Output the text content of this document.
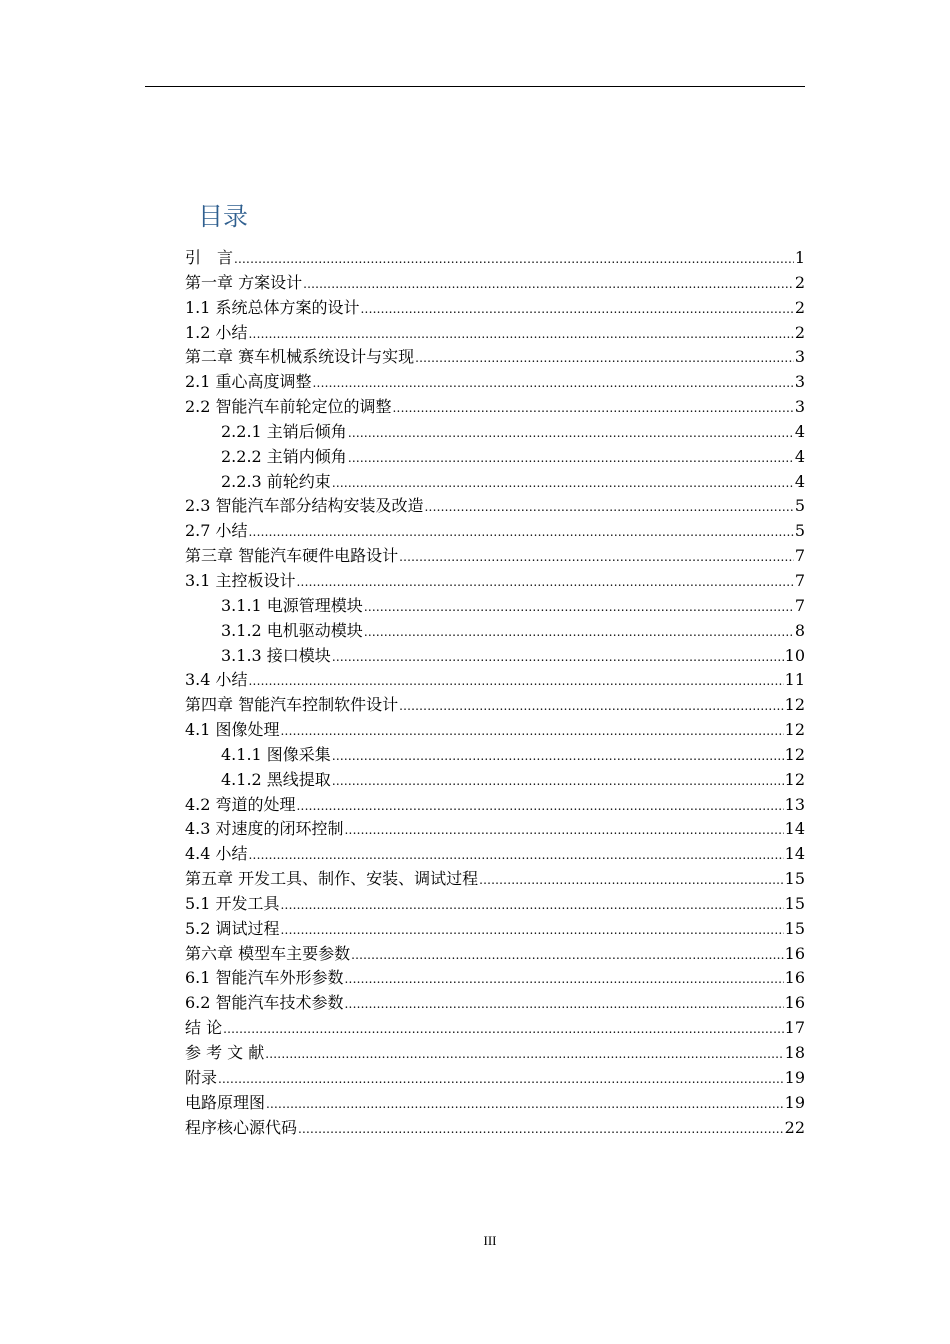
目录
引　言 .....	1
第一章 方案设计 .....	2
1.1 系统总体方案的设计 .....	2
1.2 小结 .....	2
第二章 赛车机械系统设计与实现 .....	3
2.1 重心高度调整 .....	3
2.2 智能汽车前轮定位的调整 .....	3
2.2.1 主销后倾角 .....	4
2.2.2 主销内倾角 .....	4
2.2.3 前轮约束 .....	4
2.3 智能汽车部分结构安装及改造 .....	5
2.7 小结 .....	5
第三章 智能汽车硬件电路设计 .....	7
3.1 主控板设计 .....	7
3.1.1 电源管理模块 .....	7
3.1.2 电机驱动模块 .....	8
3.1.3 接口模块 .....	10
3.4 小结 .....	11
第四章 智能汽车控制软件设计 .....	12
4.1 图像处理 .....	12
4.1.1 图像采集 .....	12
4.1.2 黑线提取 .....	12
4.2 弯道的处理 .....	13
4.3 对速度的闭环控制 .....	14
4.4 小结 .....	14
第五章 开发工具、制作、安装、调试过程 .....	15
5.1 开发工具 .....	15
5.2 调试过程 .....	15
第六章 模型车主要参数 .....	16
6.1 智能汽车外形参数 .....	16
6.2 智能汽车技术参数 .....	16
结 论 .....	17
参 考 文 献 .....	18
附录 .....	19
电路原理图 .....	19
程序核心源代码 .....	22
III
